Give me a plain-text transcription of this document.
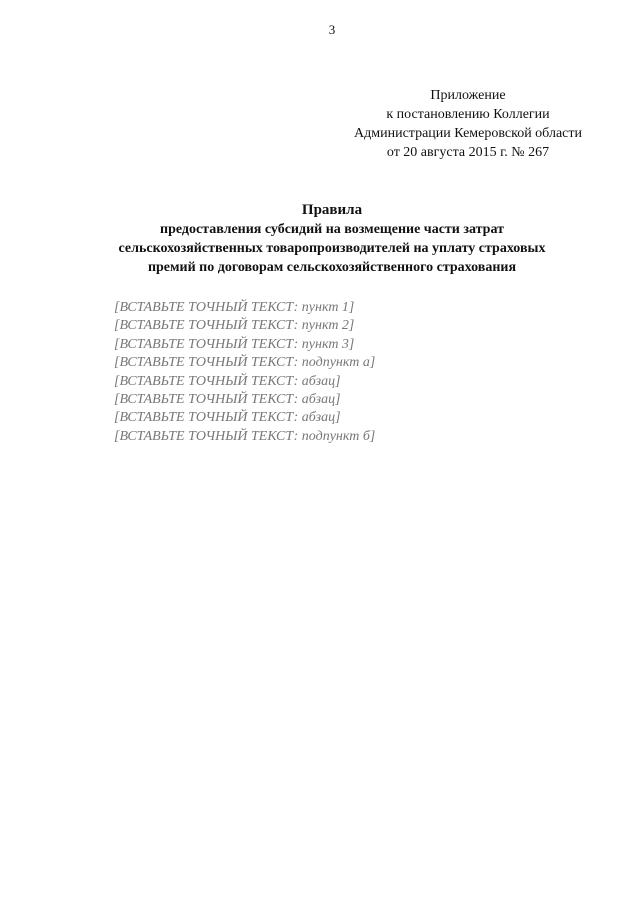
3
Приложение
к постановлению Коллегии
Администрации Кемеровской области
от 20 августа 2015 г. № 267
Правила
предоставления субсидий на возмещение части затрат
сельскохозяйственных товаропроизводителей на уплату страховых
премий по договорам сельскохозяйственного страхования

[ВСТАВЬТЕ ТОЧНЫЙ ТЕКСТ: пункт 1]

[ВСТАВЬТЕ ТОЧНЫЙ ТЕКСТ: пункт 2]

[ВСТАВЬТЕ ТОЧНЫЙ ТЕКСТ: пункт 3]

[ВСТАВЬТЕ ТОЧНЫЙ ТЕКСТ: подпункт а]

[ВСТАВЬТЕ ТОЧНЫЙ ТЕКСТ: абзац]

[ВСТАВЬТЕ ТОЧНЫЙ ТЕКСТ: абзац]

[ВСТАВЬТЕ ТОЧНЫЙ ТЕКСТ: абзац]

[ВСТАВЬТЕ ТОЧНЫЙ ТЕКСТ: подпункт б]
